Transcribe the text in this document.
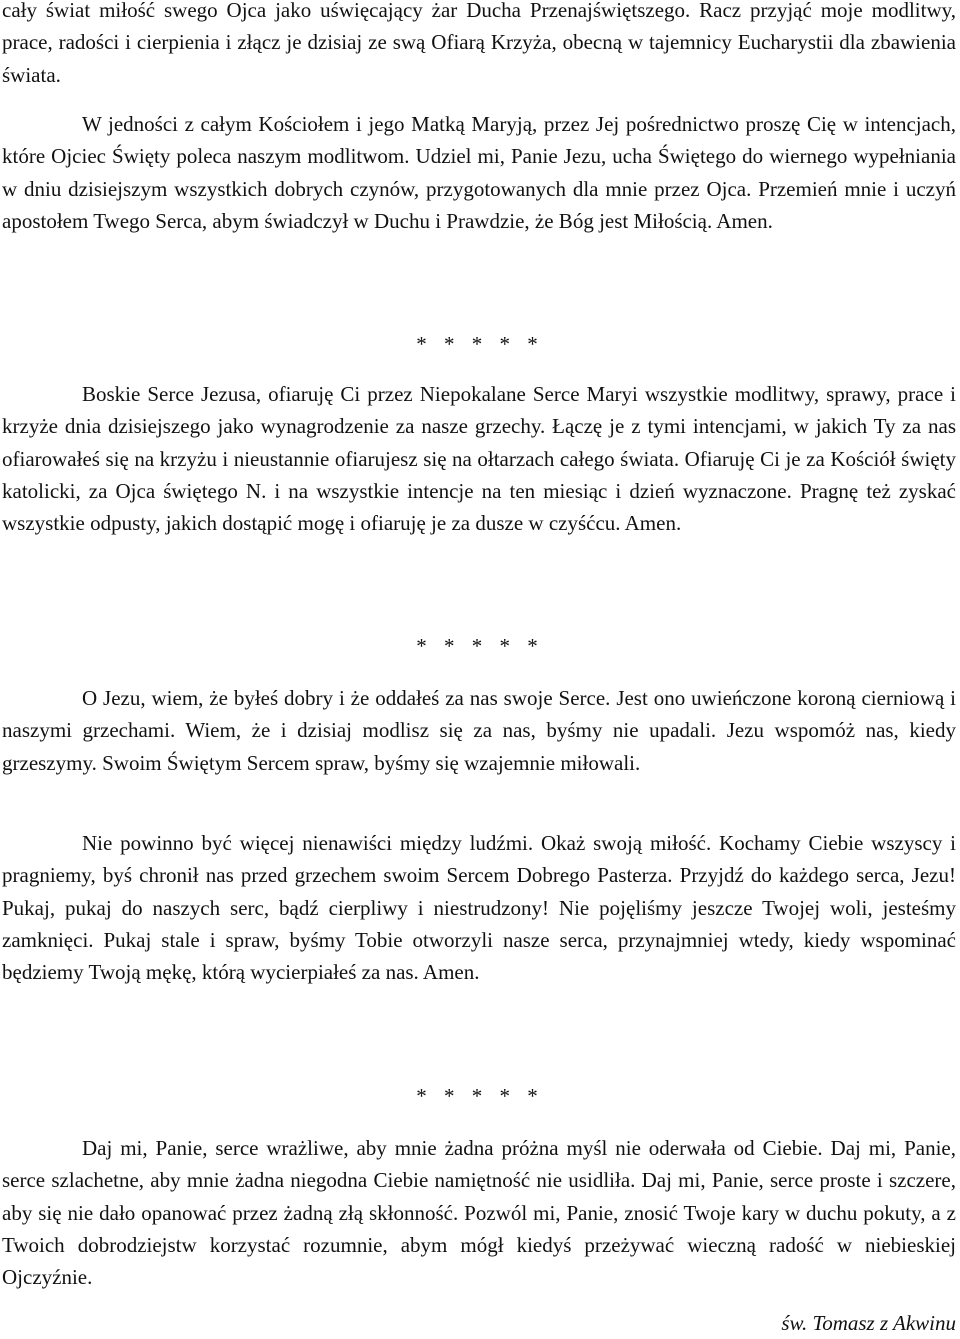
cały świat miłość swego Ojca jako uświęcający żar Ducha Przenajświętszego. Racz przyjąć moje modlitwy, prace, radości i cierpienia i złącz je dzisiaj ze swą Ofiarą Krzyża, obecną w tajemnicy Eucharystii dla zbawienia świata.

W jedności z całym Kościołem i jego Matką Maryją, przez Jej pośrednictwo proszę Cię w intencjach, które Ojciec Święty poleca naszym modlitwom. Udziel mi, Panie Jezu, ucha Świętego do wiernego wypełniania w dniu dzisiejszym wszystkich dobrych czynów, przygotowanych dla mnie przez Ojca. Przemień mnie i uczyń apostołem Twego Serca, abym świadczył w Duchu i Prawdzie, że Bóg jest Miłością. Amen.

* * * * *

Boskie Serce Jezusa, ofiaruję Ci przez Niepokalane Serce Maryi wszystkie modlitwy, sprawy, prace i krzyże dnia dzisiejszego jako wynagrodzenie za nasze grzechy. Łączę je z tymi intencjami, w jakich Ty za nas ofiarowałeś się na krzyżu i nieustannie ofiarujesz się na ołtarzach całego świata. Ofiaruję Ci je za Kościół święty katolicki, za Ojca świętego N. i na wszystkie intencje na ten miesiąc i dzień wyznaczone. Pragnę też zyskać wszystkie odpusty, jakich dostąpić mogę i ofiaruję je za dusze w czyśćcu. Amen.

* * * * *

O Jezu, wiem, że byłeś dobry i że oddałeś za nas swoje Serce. Jest ono uwieńczone koroną cierniową i naszymi grzechami. Wiem, że i dzisiaj modlisz się za nas, byśmy nie upadali. Jezu wspomóż nas, kiedy grzeszymy. Swoim Świętym Sercem spraw, byśmy się wzajemnie miłowali.

Nie powinno być więcej nienawiści między ludźmi. Okaż swoją miłość. Kochamy Ciebie wszyscy i pragniemy, byś chronił nas przed grzechem swoim Sercem Dobrego Pasterza. Przyjdź do każdego serca, Jezu! Pukaj, pukaj do naszych serc, bądź cierpliwy i niestrudzony! Nie pojęliśmy jeszcze Twojej woli, jesteśmy zamknięci. Pukaj stale i spraw, byśmy Tobie otworzyli nasze serca, przynajmniej wtedy, kiedy wspominać będziemy Twoją mękę, którą wycierpiałeś za nas. Amen.

* * * * *

Daj mi, Panie, serce wrażliwe, aby mnie żadna próżna myśl nie oderwała od Ciebie. Daj mi, Panie, serce szlachetne, aby mnie żadna niegodna Ciebie namiętność nie usidliła. Daj mi, Panie, serce proste i szczere, aby się nie dało opanować przez żadną złą skłonność. Pozwól mi, Panie, znosić Twoje kary w duchu pokuty, a z Twoich dobrodziejstw korzystać rozumnie, abym mógł kiedyś przeżywać wieczną radość w niebieskiej Ojczyźnie.

św. Tomasz z Akwinu
